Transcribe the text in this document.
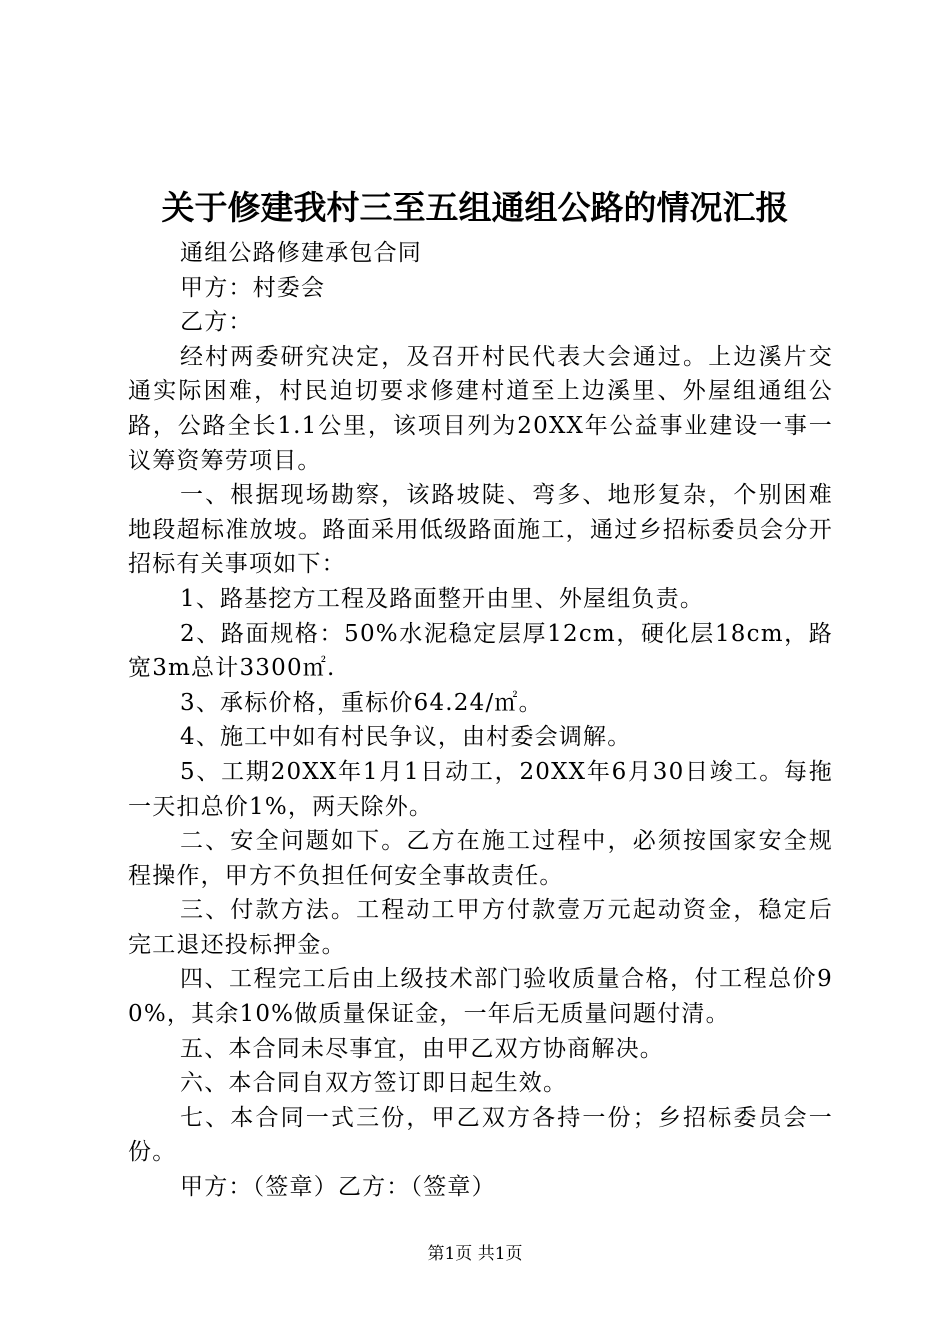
关于修建我村三至五组通组公路的情况汇报

通组公路修建承包合同

甲方：村委会

乙方：

经村两委研究决定，及召开村民代表大会通过。上边溪片交通实际困难，村民迫切要求修建村道至上边溪里、外屋组通组公路，公路全长1.1公里，该项目列为20XX年公益事业建设一事一议筹资筹劳项目。

一、根据现场勘察，该路坡陡、弯多、地形复杂，个别困难地段超标准放坡。路面采用低级路面施工，通过乡招标委员会分开招标有关事项如下：

1、路基挖方工程及路面整开由里、外屋组负责。

2、路面规格：50%水泥稳定层厚12cm，硬化层18cm，路宽3m总计3300㎡.

3、承标价格，重标价64.24/㎡。

4、施工中如有村民争议，由村委会调解。

5、工期20XX年1月1日动工，20XX年6月30日竣工。每拖一天扣总价1%，两天除外。

二、安全问题如下。乙方在施工过程中，必须按国家安全规程操作，甲方不负担任何安全事故责任。

三、付款方法。工程动工甲方付款壹万元起动资金，稳定后完工退还投标押金。

四、工程完工后由上级技术部门验收质量合格，付工程总价90%，其余10%做质量保证金，一年后无质量问题付清。

五、本合同未尽事宜，由甲乙双方协商解决。

六、本合同自双方签订即日起生效。

七、本合同一式三份，甲乙双方各持一份；乡招标委员会一份。

甲方：（签章）乙方：（签章）

第1页 共1页
